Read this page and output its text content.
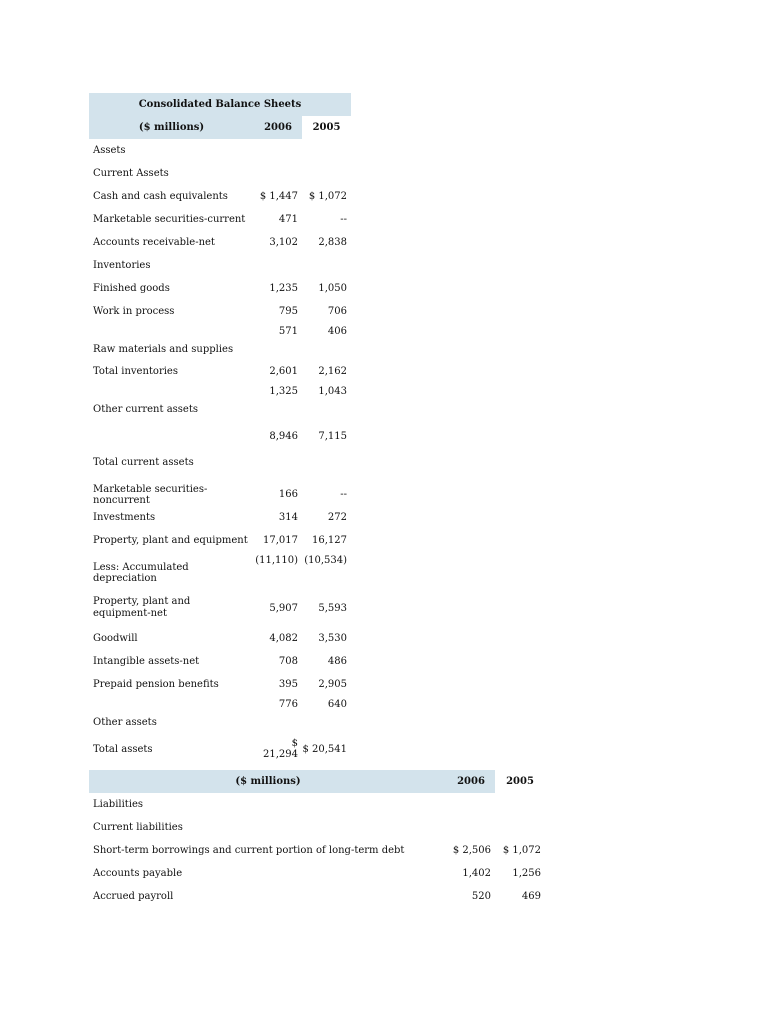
Consolidated Balance Sheets		
($ millions)	2006	2005
Assets		
Current Assets		
Cash and cash equivalents	$ 1,447	$ 1,072
Marketable securities-current	471	--
Accounts receivable-net	3,102	2,838
Inventories		
Finished goods	1,235	1,050
Work in process	795	706
Raw materials and supplies	571	406
Total inventories	2,601	2,162
Other current assets	1,325	1,043
Total current assets	8,946	7,115
Marketable securities-noncurrent	166	--
Investments	314	272
Property, plant and equipment	17,017	16,127
Less: Accumulated depreciation	(11,110)	(10,534)
Property, plant and equipment-net	5,907	5,593
Goodwill	4,082	3,530
Intangible assets-net	708	486
Prepaid pension benefits	395	2,905
Other assets	776	640
Total assets	$ 21,294	$ 20,541
($ millions)	2006	2005
Liabilities		
Current liabilities		
Short-term borrowings and current portion of long-term debt	$ 2,506	$ 1,072
Accounts payable	1,402	1,256
Accrued payroll	520	469
